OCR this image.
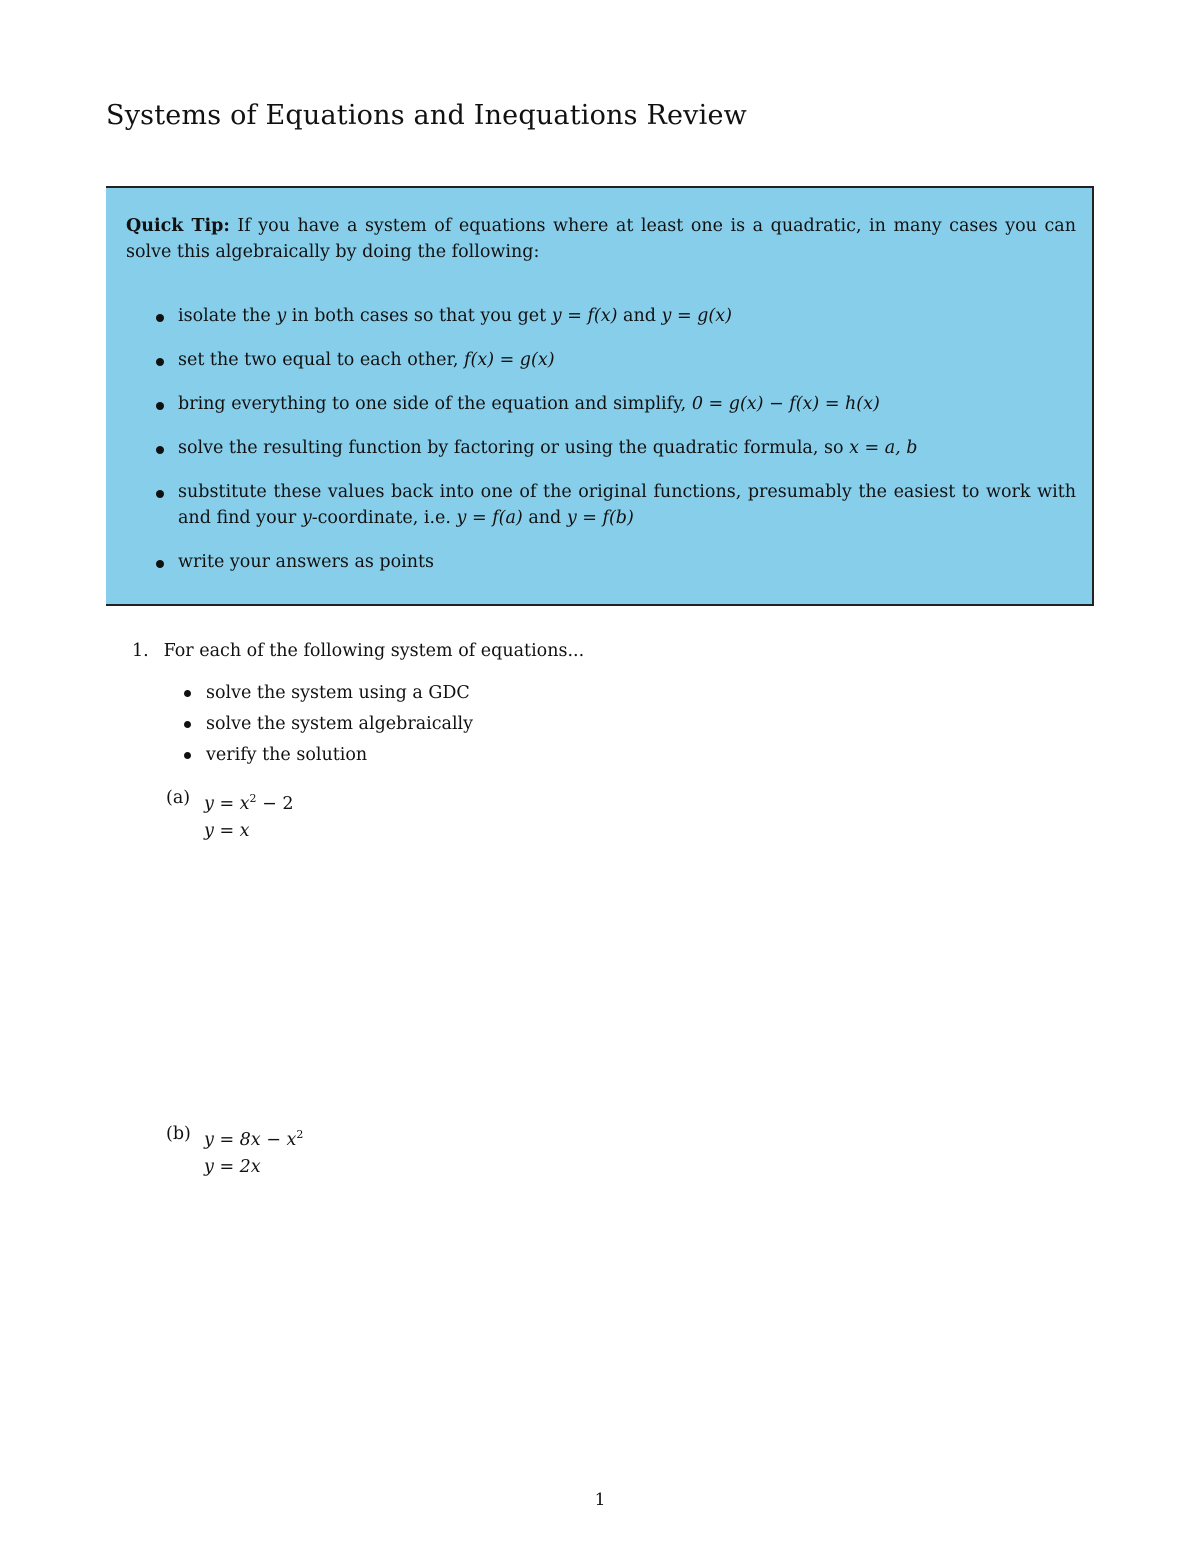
Systems of Equations and Inequations Review
Quick Tip: If you have a system of equations where at least one is a quadratic, in many cases you can solve this algebraically by doing the following:
isolate the y in both cases so that you get y = f(x) and y = g(x)
set the two equal to each other, f(x) = g(x)
bring everything to one side of the equation and simplify, 0 = g(x) − f(x) = h(x)
solve the resulting function by factoring or using the quadratic formula, so x = a, b
substitute these values back into one of the original functions, presumably the easiest to work with and find your y-coordinate, i.e. y = f(a) and y = f(b)
write your answers as points
1. For each of the following system of equations...
solve the system using a GDC
solve the system algebraically
verify the solution
(a) $y = x^2 - 2$
y = x
(b) $y = 8x - x^2$
y = 2x
1
